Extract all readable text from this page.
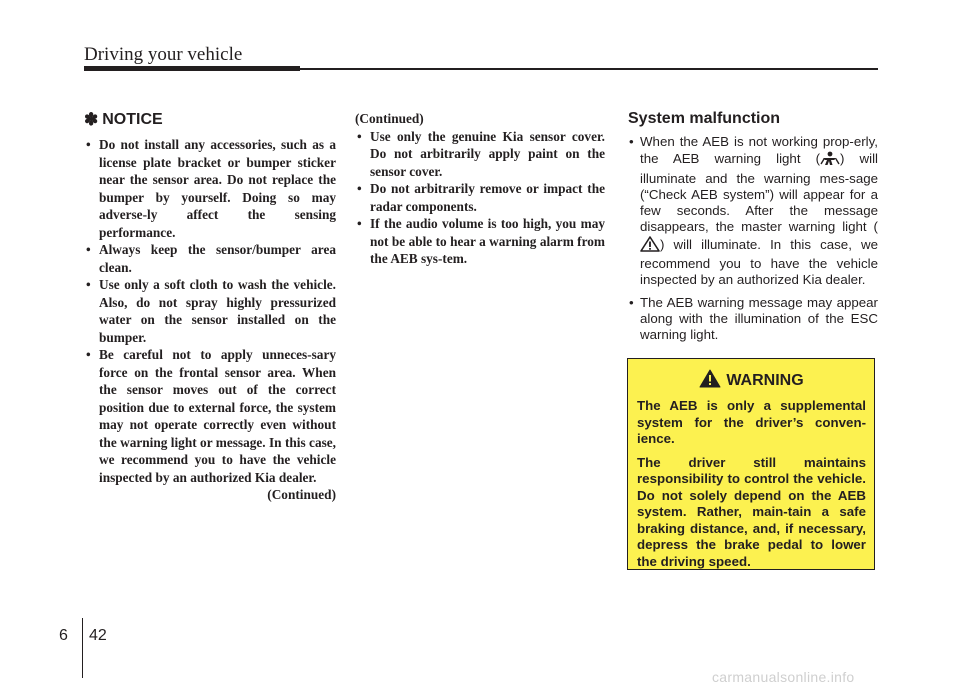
Driving your vehicle
✽ NOTICE
• Do not install any accessories, such as a license plate bracket or bumper sticker near the sensor area. Do not replace the bumper by yourself. Doing so may adverse-ly affect the sensing performance.
• Always keep the sensor/bumper area clean.
• Use only a soft cloth to wash the vehicle. Also, do not spray highly pressurized water on the sensor installed on the bumper.
• Be careful not to apply unneces-sary force on the frontal sensor area. When the sensor moves out of the correct position due to external force, the system may not operate correctly even without the warning light or message. In this case, we recommend you to have the vehicle inspected by an authorized Kia dealer.
(Continued)
(Continued)
• Use only the genuine Kia sensor cover. Do not arbitrarily apply paint on the sensor cover.
• Do not arbitrarily remove or impact the radar components.
• If the audio volume is too high, you may not be able to hear a warning alarm from the AEB sys-tem.
System malfunction
• When the AEB is not working prop-erly, the AEB warning light ( ) will illuminate and the warning mes-sage (“Check AEB system”) will appear for a few seconds. After the message disappears, the master warning light () will illuminate. In this case, we recommend you to have the vehicle inspected by an authorized Kia dealer.
• The AEB warning message may appear along with the illumination of the ESC warning light.
WARNING

The AEB is only a supplemental system for the driver’s conven-ience.

The driver still maintains responsibility to control the vehicle. Do not solely depend on the AEB system. Rather, main-tain a safe braking distance, and, if necessary, depress the brake pedal to lower the driving speed.

6 42
carmanualsonline.info
